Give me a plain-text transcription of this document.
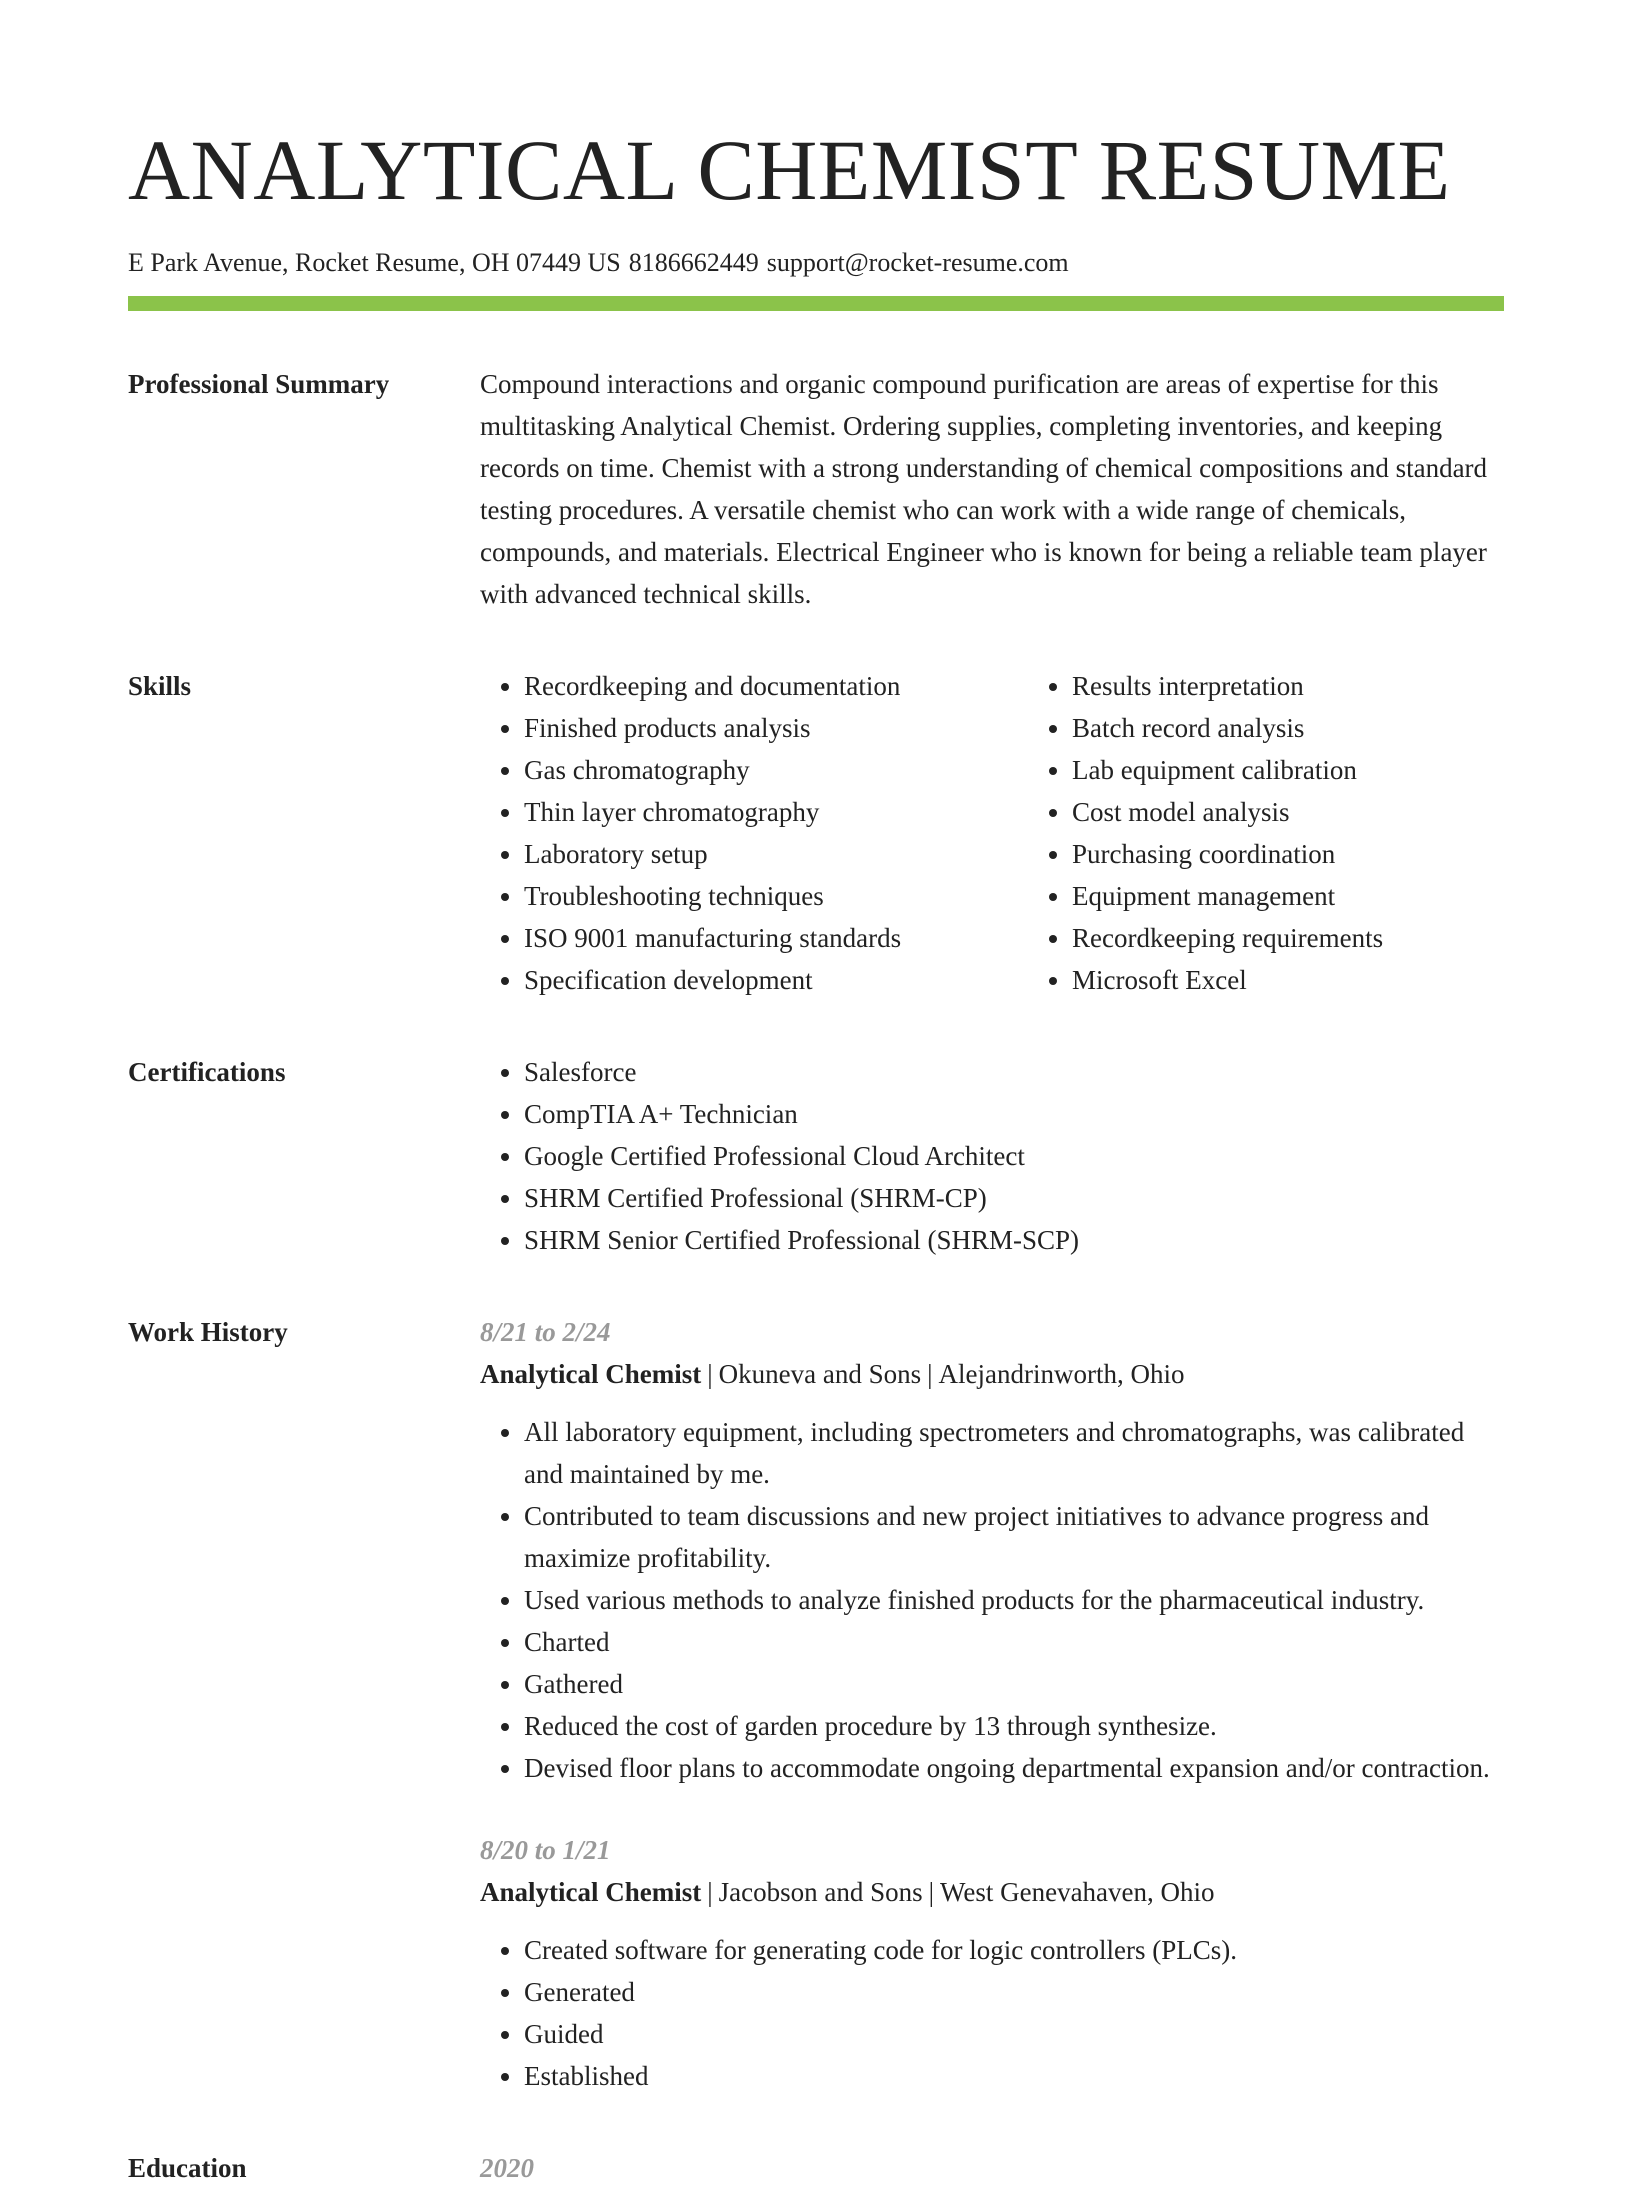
ANALYTICAL CHEMIST RESUME
E Park Avenue, Rocket Resume, OH 07449 US 8186662449 support@rocket-resume.com
Professional Summary	Compound interactions and organic compound purification are areas of expertise for this multitasking Analytical Chemist. Ordering supplies, completing inventories, and keeping records on time. Chemist with a strong understanding of chemical compositions and standard testing procedures. A versatile chemist who can work with a wide range of chemicals, compounds, and materials. Electrical Engineer who is known for being a reliable team player with advanced technical skills.

Skills	• Recordkeeping and documentation
• Finished products analysis
• Gas chromatography
• Thin layer chromatography
• Laboratory setup
• Troubleshooting techniques
• ISO 9001 manufacturing standards
• Specification development
• Results interpretation
• Batch record analysis
• Lab equipment calibration
• Cost model analysis
• Purchasing coordination
• Equipment management
• Recordkeeping requirements
• Microsoft Excel
Certifications	• Salesforce
• CompTIA A+ Technician
• Google Certified Professional Cloud Architect
• SHRM Certified Professional (SHRM-CP)
• SHRM Senior Certified Professional (SHRM-SCP)
Work History	8/21 to 2/24
Analytical Chemist | Okuneva and Sons | Alejandrinworth, Ohio
• All laboratory equipment, including spectrometers and chromatographs, was calibrated and maintained by me.
• Contributed to team discussions and new project initiatives to advance progress and maximize profitability.
• Used various methods to analyze finished products for the pharmaceutical industry.
• Charted
• Gathered
• Reduced the cost of garden procedure by 13 through synthesize.
• Devised floor plans to accommodate ongoing departmental expansion and/or contraction.
8/20 to 1/21
Analytical Chemist | Jacobson and Sons | West Genevahaven, Ohio
• Created software for generating code for logic controllers (PLCs).
• Generated
• Guided
• Established
Education	2020
